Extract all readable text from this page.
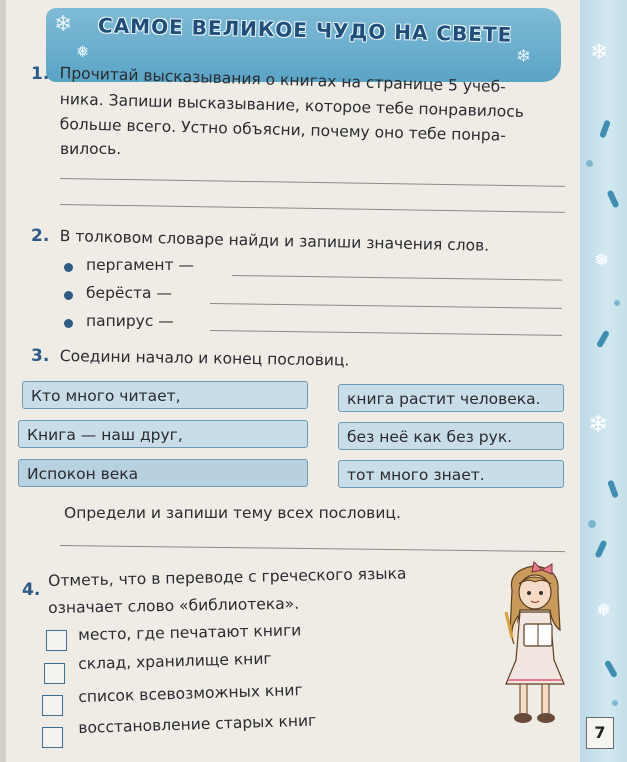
❄
❅	❄
САМОЕ ВЕЛИКОЕ ЧУДО НА СВЕТЕ
1. Прочитай высказывания о книгах на странице 5 учеб-
ника. Запиши высказывание, которое тебе понравилось
больше всего. Устно объясни, почему оно тебе понра-
вилось.
2. В толковом словаре найди и запиши значения слов.
пергамент —
берёста —
папирус —
3. Соедини начало и конец пословиц.
Кто много читает,
Книга — наш друг,
Испокон века
книга растит человека.
без неё как без рук.
тот много знает.
Определи и запиши тему всех пословиц.
4.
Отметь, что в переводе с греческого языка
означает слово «библиотека».
место, где печатают книги
склад, хранилище книг
список всевозможных книг
восстановление старых книг
❄
❅
❄
❅
7
